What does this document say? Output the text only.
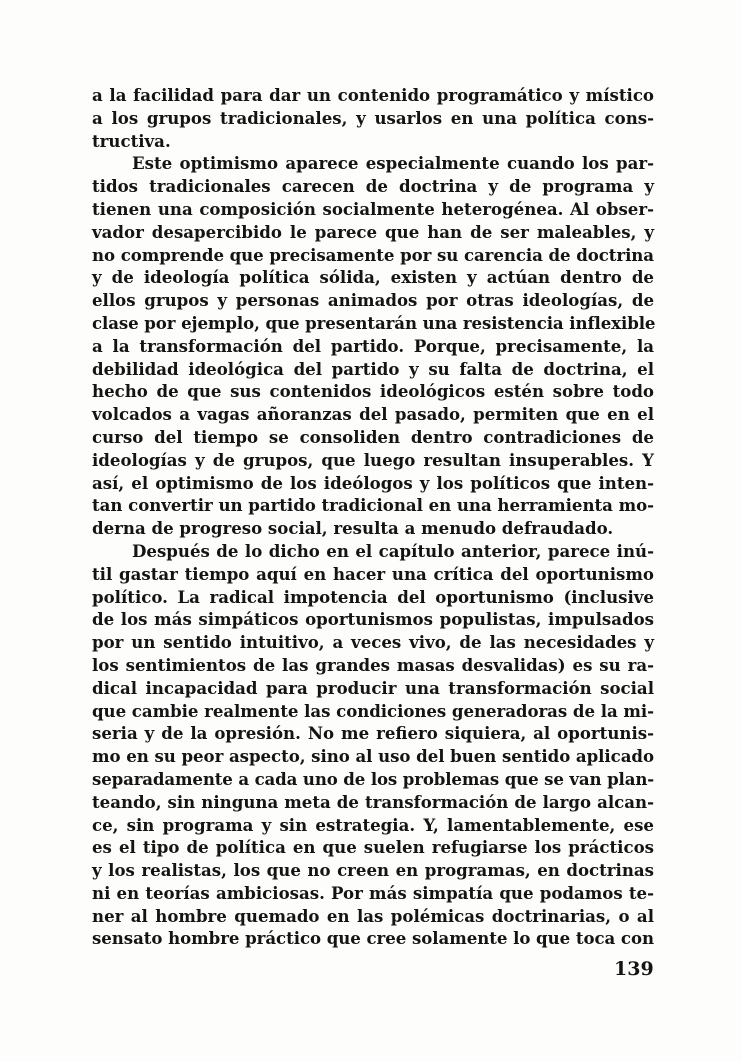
a la facilidad para dar un contenido programático y místico
a los grupos tradicionales, y usarlos en una política cons-
tructiva.
Este optimismo aparece especialmente cuando los par-
tidos tradicionales carecen de doctrina y de programa y
tienen una composición socialmente heterogénea. Al obser-
vador desapercibido le parece que han de ser maleables, y
no comprende que precisamente por su carencia de doctrina
y de ideología política sólida, existen y actúan dentro de
ellos grupos y personas animados por otras ideologías, de
clase por ejemplo, que presentarán una resistencia inflexible
a la transformación del partido. Porque, precisamente, la
debilidad ideológica del partido y su falta de doctrina, el
hecho de que sus contenidos ideológicos estén sobre todo
volcados a vagas añoranzas del pasado, permiten que en el
curso del tiempo se consoliden dentro contradiciones de
ideologías y de grupos, que luego resultan insuperables. Y
así, el optimismo de los ideólogos y los políticos que inten-
tan convertir un partido tradicional en una herramienta mo-
derna de progreso social, resulta a menudo defraudado.
Después de lo dicho en el capítulo anterior, parece inú-
til gastar tiempo aquí en hacer una crítica del oportunismo
político. La radical impotencia del oportunismo (inclusive
de los más simpáticos oportunismos populistas, impulsados
por un sentido intuitivo, a veces vivo, de las necesidades y
los sentimientos de las grandes masas desvalidas) es su ra-
dical incapacidad para producir una transformación social
que cambie realmente las condiciones generadoras de la mi-
seria y de la opresión. No me refiero siquiera, al oportunis-
mo en su peor aspecto, sino al uso del buen sentido aplicado
separadamente a cada uno de los problemas que se van plan-
teando, sin ninguna meta de transformación de largo alcan-
ce, sin programa y sin estrategia. Y, lamentablemente, ese
es el tipo de política en que suelen refugiarse los prácticos
y los realistas, los que no creen en programas, en doctrinas
ni en teorías ambiciosas. Por más simpatía que podamos te-
ner al hombre quemado en las polémicas doctrinarias, o al
sensato hombre práctico que cree solamente lo que toca con
139
